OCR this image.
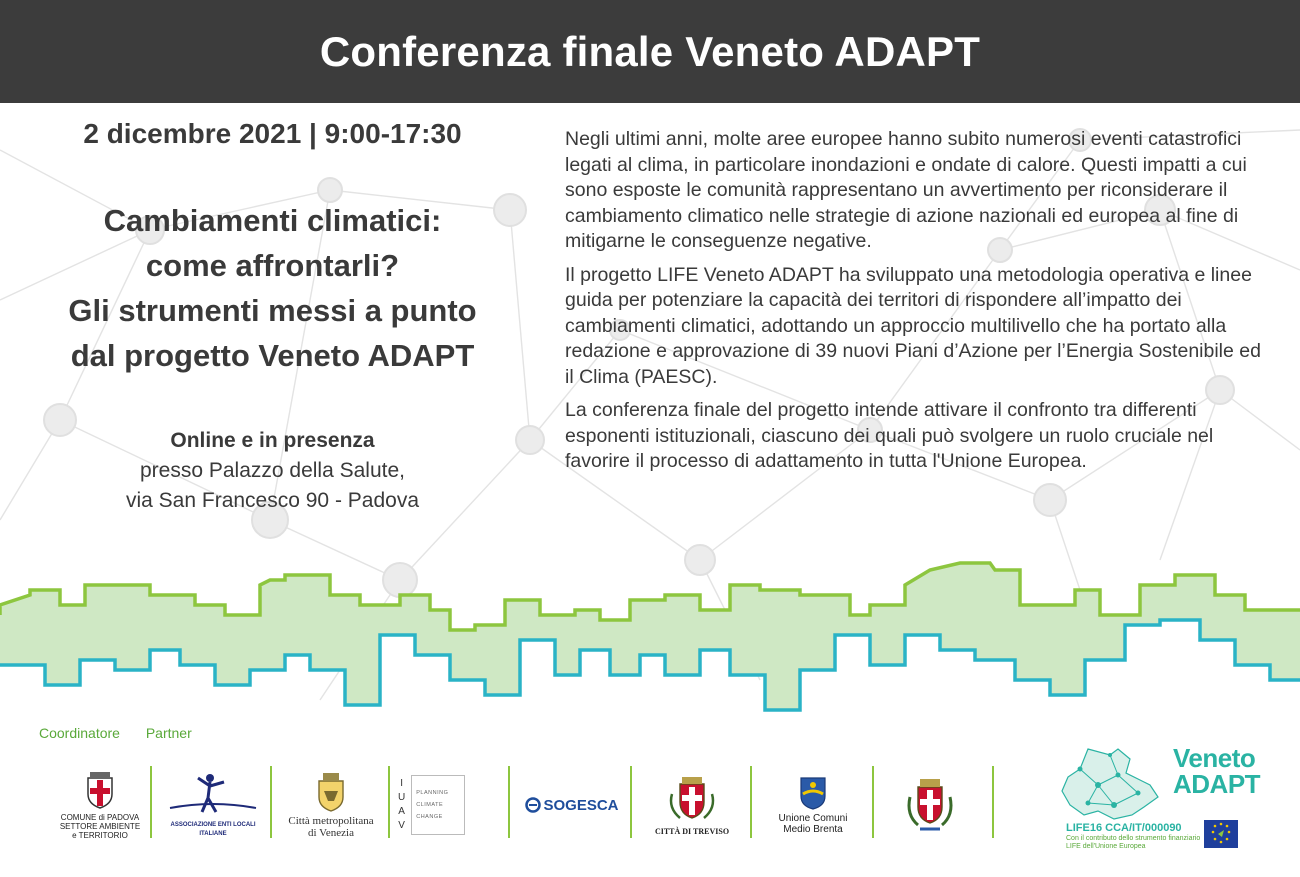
Conferenza finale Veneto ADAPT
2 dicembre 2021 | 9:00-17:30
Cambiamenti climatici:
come affrontarli?
Gli strumenti messi a punto
dal progetto Veneto ADAPT
Online e in presenza
presso Palazzo della Salute,
via San Francesco 90 - Padova

Negli ultimi anni, molte aree europee hanno subito numerosi eventi catastrofici legati al clima, in particolare inondazioni e ondate di calore. Questi impatti a cui sono esposte le comunità rappresentano un avvertimento per riconsiderare il cambiamento climatico nelle strategie di azione nazionali ed europea al fine di mitigarne le conseguenze negative.

Il progetto LIFE Veneto ADAPT ha sviluppato una metodologia operativa e linee guida per potenziare la capacità dei territori di rispondere all’impatto dei cambiamenti climatici, adottando un approccio multilivello che ha portato alla redazione e approvazione di 39 nuovi Piani d’Azione per l’Energia Sostenibile ed il Clima (PAESC).

La conferenza finale del progetto intende attivare il confronto tra differenti esponenti istituzionali, ciascuno dei quali può svolgere un ruolo cruciale nel favorire il processo di adattamento in tutta l'Unione Europea.

Coordinatore Partner
COMUNE di PADOVA
SETTORE AMBIENTE
e TERRITORIO
ASSOCIAZIONE ENTI LOCALI ITALIANE
Città metropolitana
di Venezia
I
U
A
V
PLANNING
CLIMATE
CHANGE
SOGESCA
CITTÀ DI TREVISO
Unione Comuni
Medio Brenta
Veneto
ADAPT
LIFE16 CCA/IT/000090
Con il contributo dello strumento finanziario LIFE dell'Unione Europea
